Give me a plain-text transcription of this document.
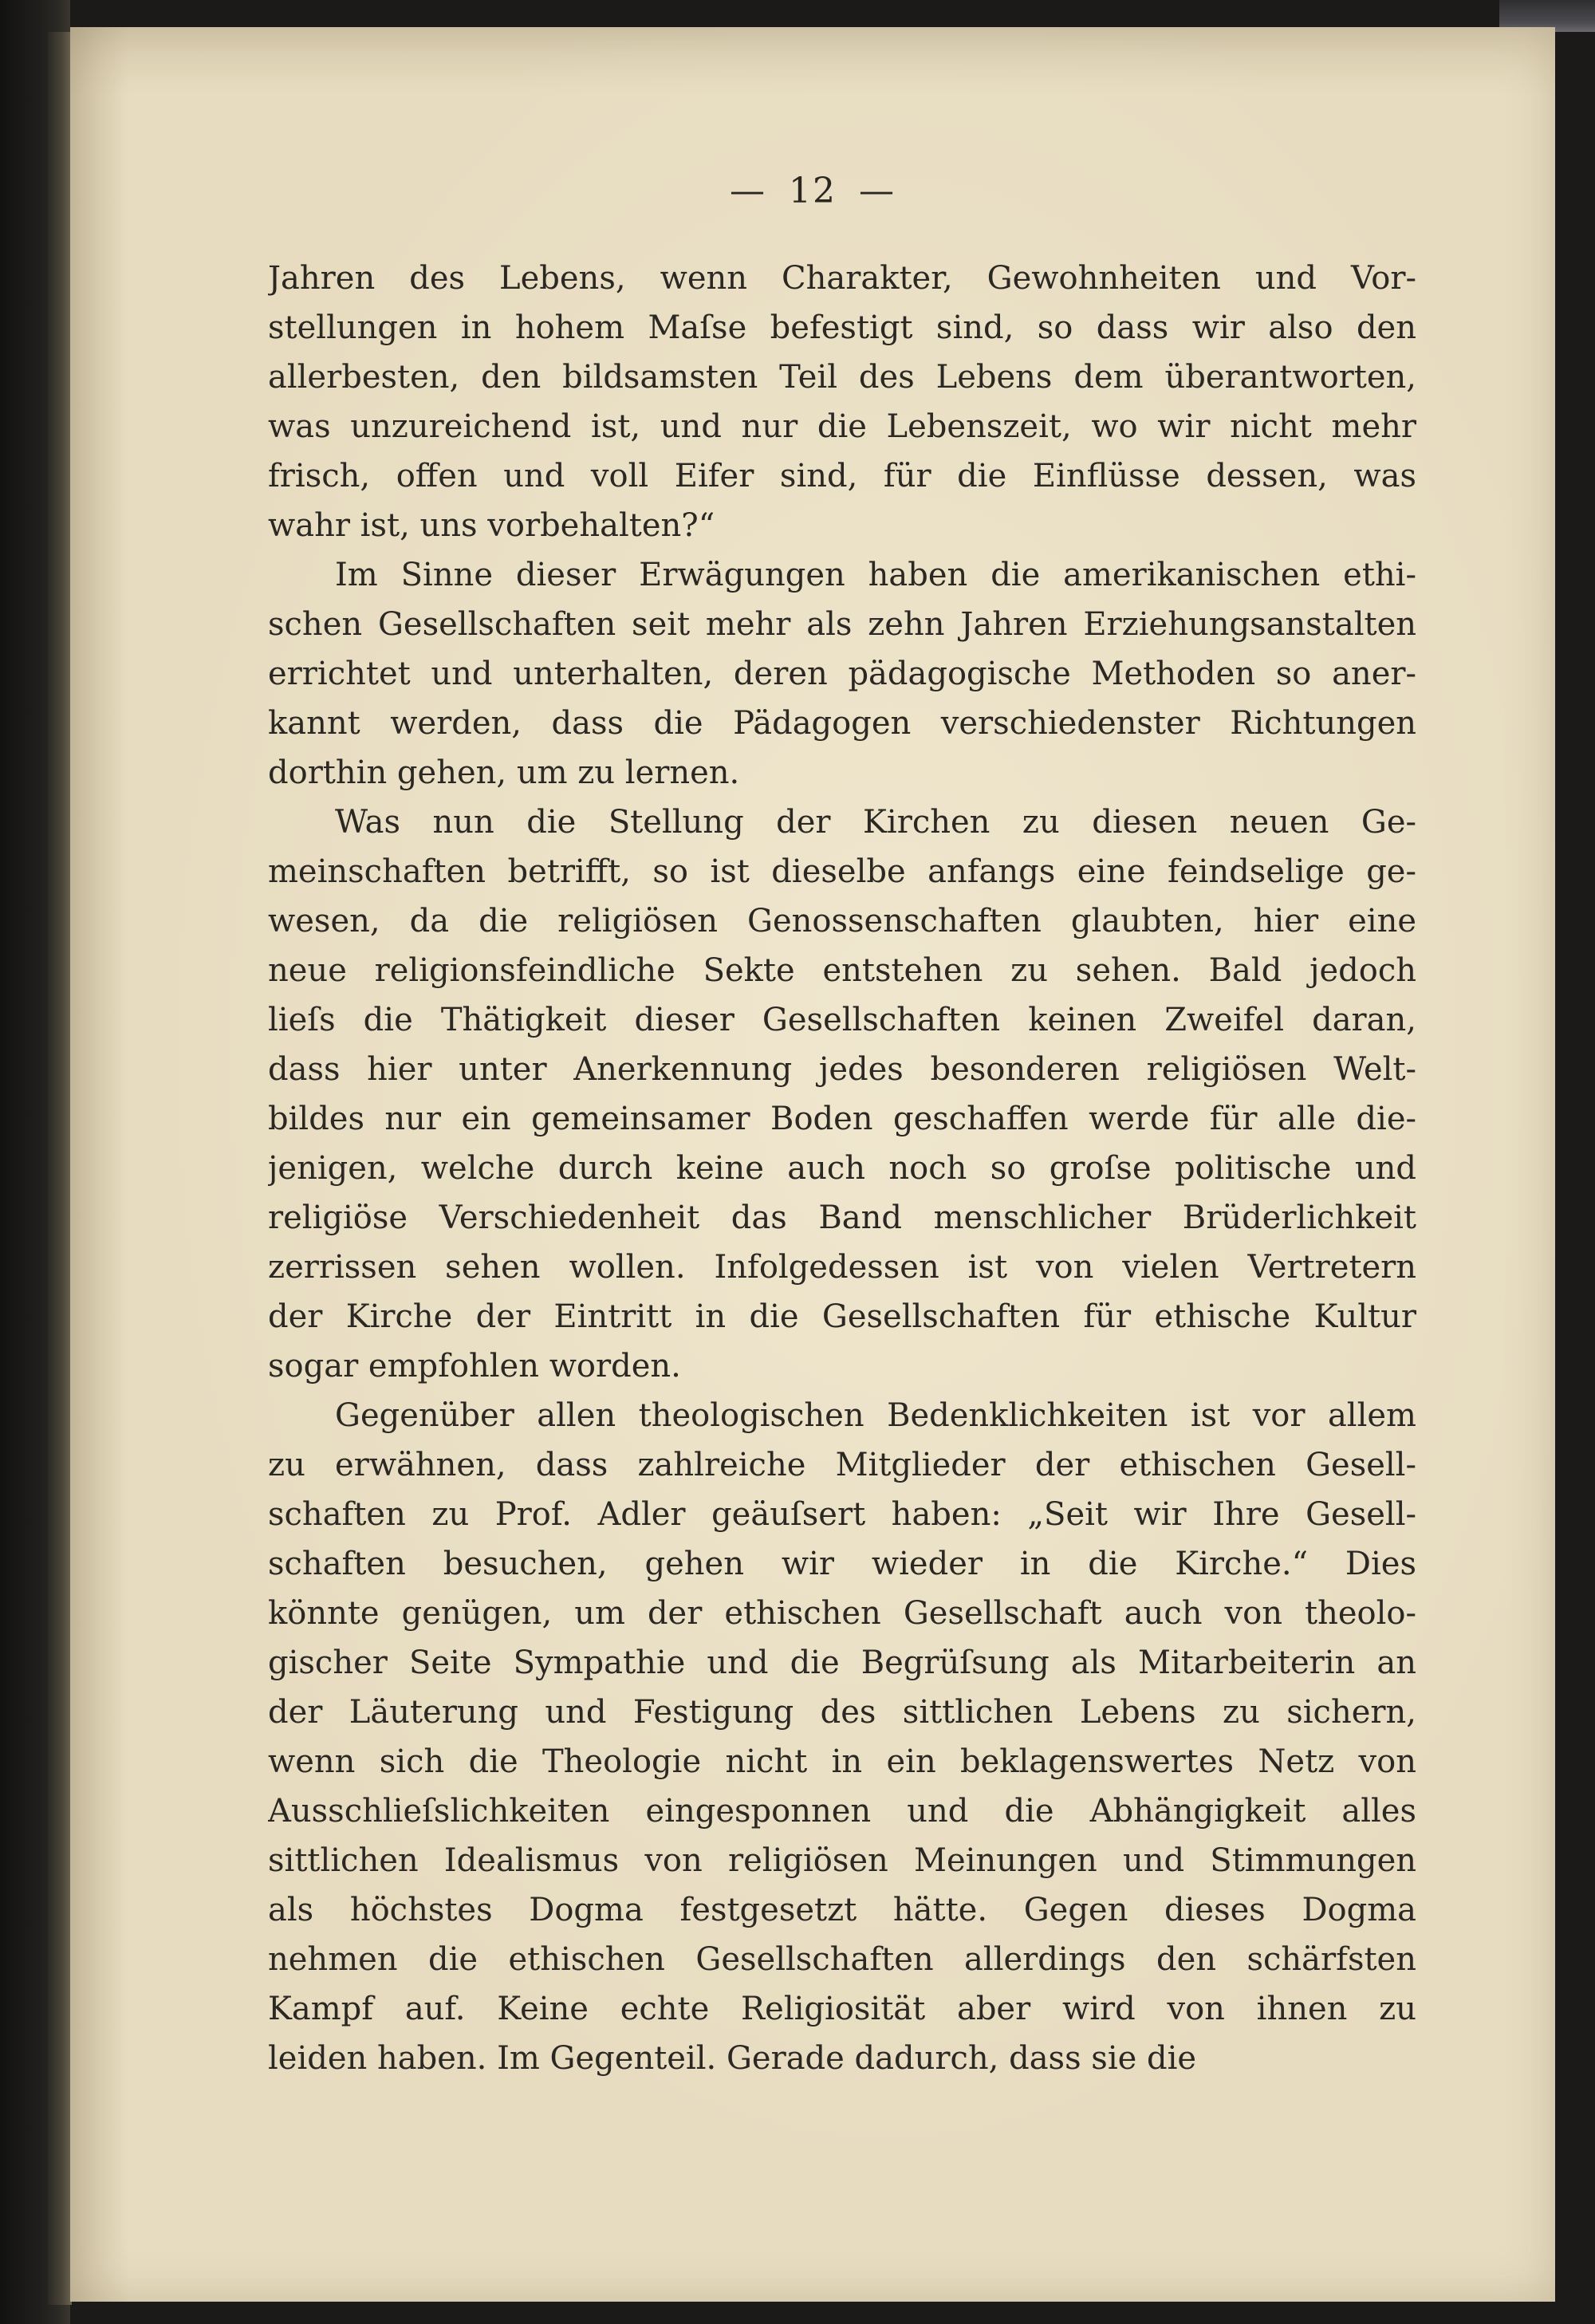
— 12 —
Jahren des Lebens, wenn Charakter, Gewohnheiten und Vor-
stellungen in hohem Maſse befestigt sind, so dass wir also den
allerbesten, den bildsamsten Teil des Lebens dem überantworten,
was unzureichend ist, und nur die Lebenszeit, wo wir nicht mehr
frisch, offen und voll Eifer sind, für die Einflüsse dessen, was
wahr ist, uns vorbehalten?“
Im Sinne dieser Erwägungen haben die amerikanischen ethi-
schen Gesellschaften seit mehr als zehn Jahren Erziehungsanstalten
errichtet und unterhalten, deren pädagogische Methoden so aner-
kannt werden, dass die Pädagogen verschiedenster Richtungen
dorthin gehen, um zu lernen.
Was nun die Stellung der Kirchen zu diesen neuen Ge-
meinschaften betrifft, so ist dieselbe anfangs eine feindselige ge-
wesen, da die religiösen Genossenschaften glaubten, hier eine
neue religionsfeindliche Sekte entstehen zu sehen. Bald jedoch
lieſs die Thätigkeit dieser Gesellschaften keinen Zweifel daran,
dass hier unter Anerkennung jedes besonderen religiösen Welt-
bildes nur ein gemeinsamer Boden geschaffen werde für alle die-
jenigen, welche durch keine auch noch so groſse politische und
religiöse Verschiedenheit das Band menschlicher Brüderlichkeit
zerrissen sehen wollen. Infolgedessen ist von vielen Vertretern
der Kirche der Eintritt in die Gesellschaften für ethische Kultur
sogar empfohlen worden.
Gegenüber allen theologischen Bedenklichkeiten ist vor allem
zu erwähnen, dass zahlreiche Mitglieder der ethischen Gesell-
schaften zu Prof. Adler geäuſsert haben: „Seit wir Ihre Gesell-
schaften besuchen, gehen wir wieder in die Kirche.“ Dies
könnte genügen, um der ethischen Gesellschaft auch von theolo-
gischer Seite Sympathie und die Begrüſsung als Mitarbeiterin an
der Läuterung und Festigung des sittlichen Lebens zu sichern,
wenn sich die Theologie nicht in ein beklagenswertes Netz von
Ausschlieſslichkeiten eingesponnen und die Abhängigkeit alles
sittlichen Idealismus von religiösen Meinungen und Stimmungen
als höchstes Dogma festgesetzt hätte. Gegen dieses Dogma
nehmen die ethischen Gesellschaften allerdings den schärfsten
Kampf auf. Keine echte Religiosität aber wird von ihnen zu
leiden haben. Im Gegenteil. Gerade dadurch, dass sie die
